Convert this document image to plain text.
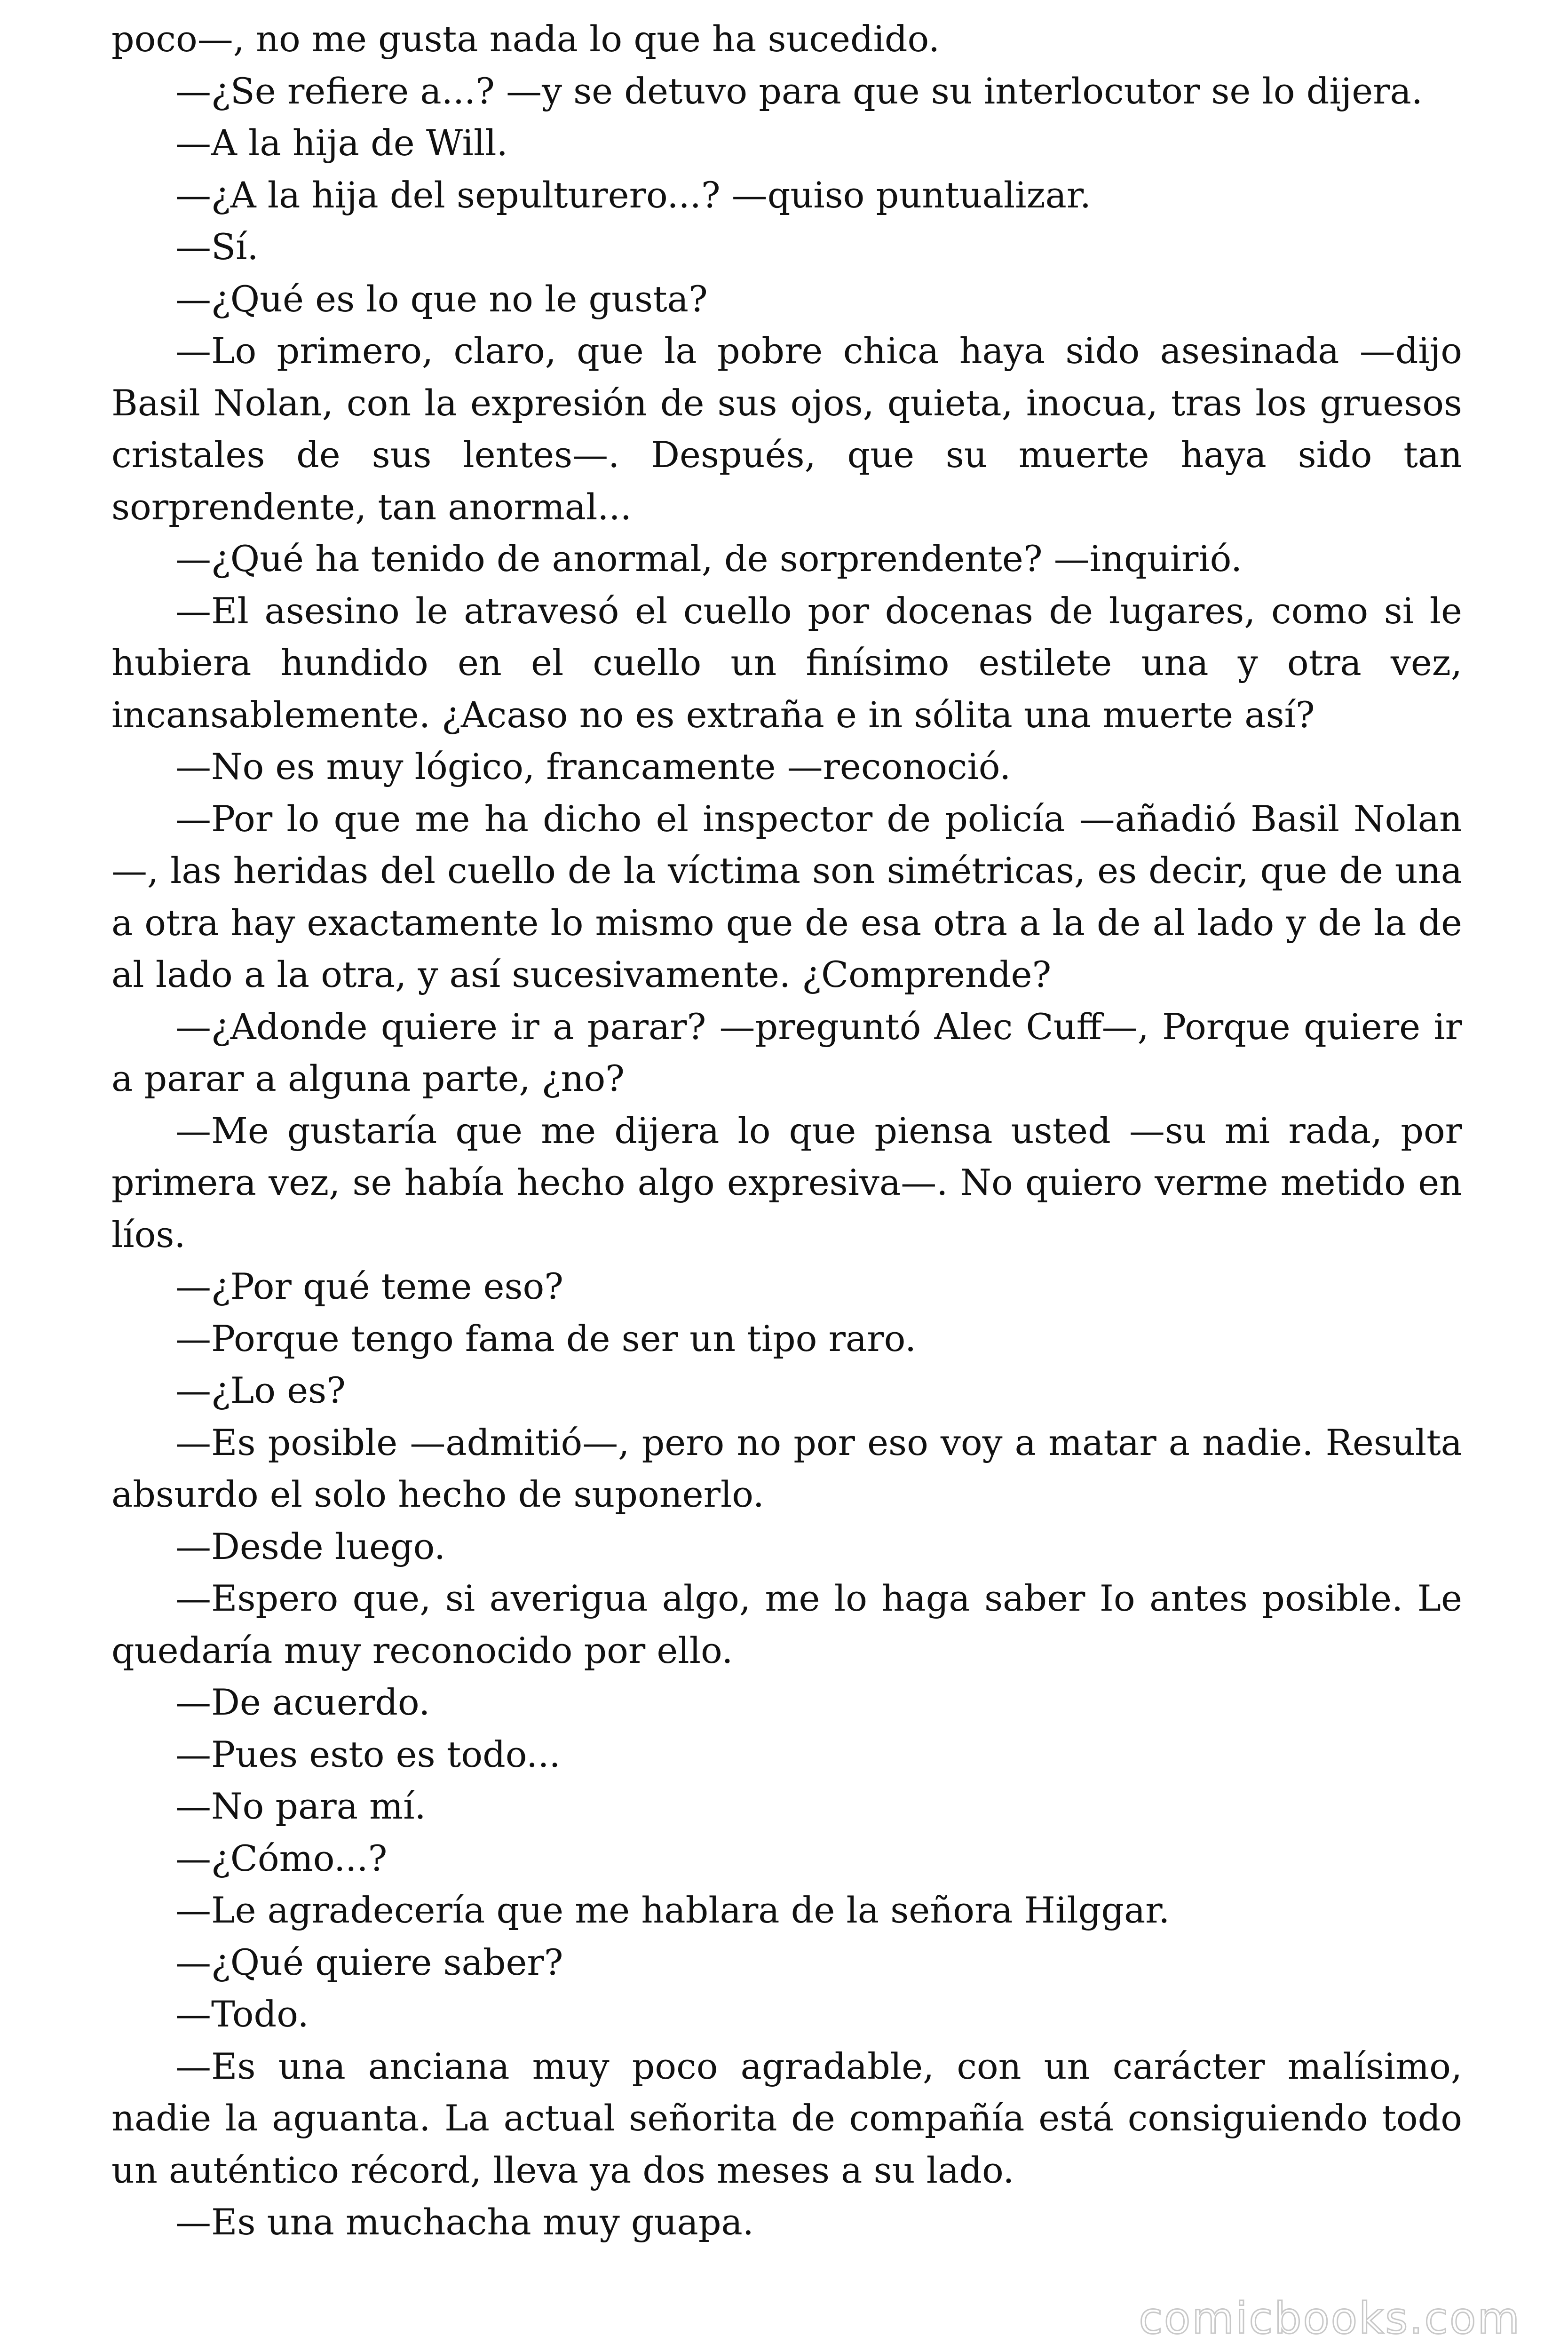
poco—, no me gusta nada lo que ha sucedido.

—¿Se refiere a...? —y se detuvo para que su interlocutor se lo dijera.

—A la hija de Will.

—¿A la hija del sepulturero...? —quiso puntualizar.

—Sí.

—¿Qué es lo que no le gusta?

—Lo primero, claro, que la pobre chica haya sido asesinada —dijo Basil Nolan, con la expresión de sus ojos, quieta, inocua, tras los gruesos cristales de sus lentes—. Después, que su muerte haya sido tan sorprendente, tan anormal...

—¿Qué ha tenido de anormal, de sorprendente? —inquirió.

—El asesino le atravesó el cuello por docenas de lugares, como si le hubiera hundido en el cuello un finísimo estilete una y otra vez, incansablemente. ¿Acaso no es extraña e in sólita una muerte así?

—No es muy lógico, francamente —reconoció.

—Por lo que me ha dicho el inspector de policía —añadió Basil Nolan—, las heridas del cuello de la víctima son simétricas, es decir, que de una a otra hay exactamente lo mismo que de esa otra a la de al lado y de la de al lado a la otra, y así sucesivamente. ¿Comprende?

—¿Adonde quiere ir a parar? —preguntó Alec Cuff—, Porque quiere ir a parar a alguna parte, ¿no?

—Me gustaría que me dijera lo que piensa usted —su mi rada, por primera vez, se había hecho algo expresiva—. No quiero verme metido en líos.

—¿Por qué teme eso?

—Porque tengo fama de ser un tipo raro.

—¿Lo es?

—Es posible —admitió—, pero no por eso voy a matar a nadie. Resulta absurdo el solo hecho de suponerlo.

—Desde luego.

—Espero que, si averigua algo, me lo haga saber Io antes posible. Le quedaría muy reconocido por ello.

—De acuerdo.

—Pues esto es todo...

—No para mí.

—¿Cómo...?

—Le agradecería que me hablara de la señora Hilggar.

—¿Qué quiere saber?

—Todo.

—Es una anciana muy poco agradable, con un carácter malísimo, nadie la aguanta. La actual señorita de compañía está consiguiendo todo un auténtico récord, lleva ya dos meses a su lado.

—Es una muchacha muy guapa.

comicbooks.com
